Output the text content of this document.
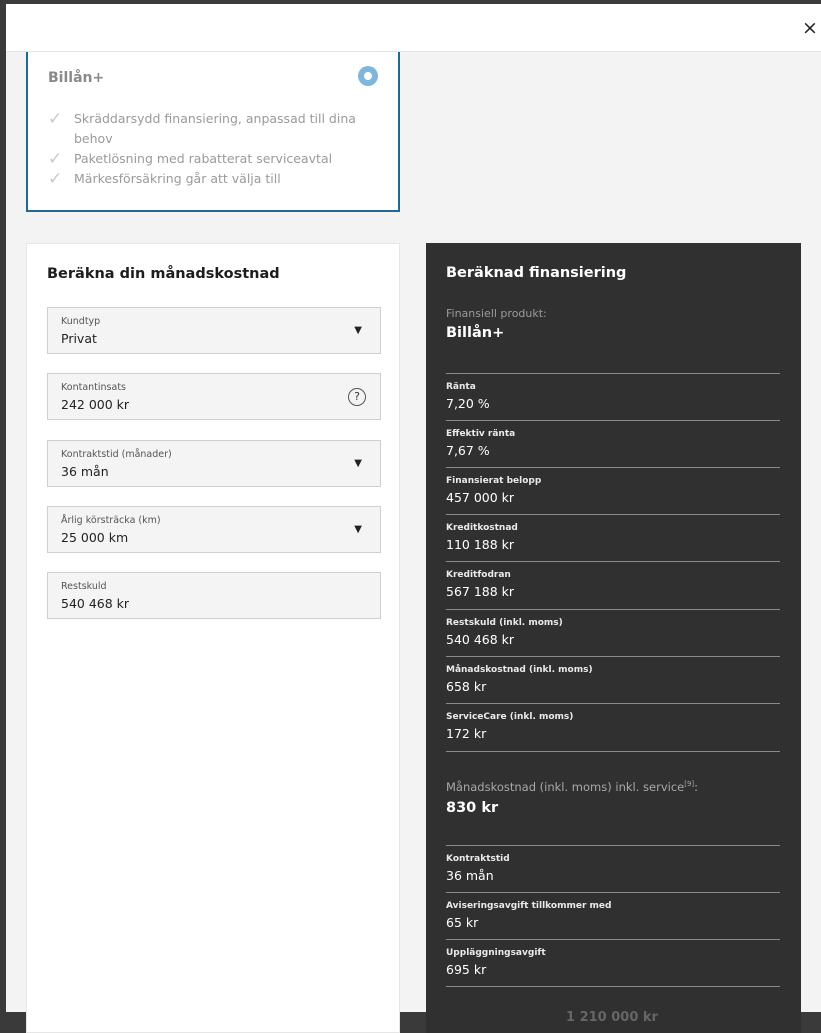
×
Billån+
✓ Skräddarsydd finansiering, anpassad till dina behov
✓ Paketlösning med rabatterat serviceavtal
✓ Märkesförsäkring går att välja till
Beräkna din månadskostnad
Kundtyp
Privat
▼
Kontantinsats
242 000 kr
?
Kontraktstid (månader)
36 mån
▼
Årlig körsträcka (km)
25 000 km
▼
Restskuld
540 468 kr
Beräknad finansiering
Finansiell produkt:
Billån+
Ränta
7,20 %
Effektiv ränta
7,67 %
Finansierat belopp
457 000 kr
Kreditkostnad
110 188 kr
Kreditfodran
567 188 kr
Restskuld (inkl. moms)
540 468 kr
Månadskostnad (inkl. moms)
658 kr
ServiceCare (inkl. moms)
172 kr
Månadskostnad (inkl. moms) inkl. service[9]:
830 kr
Kontraktstid
36 mån
Aviseringsavgift tillkommer med
65 kr
Uppläggningsavgift
695 kr
1 210 000 kr
